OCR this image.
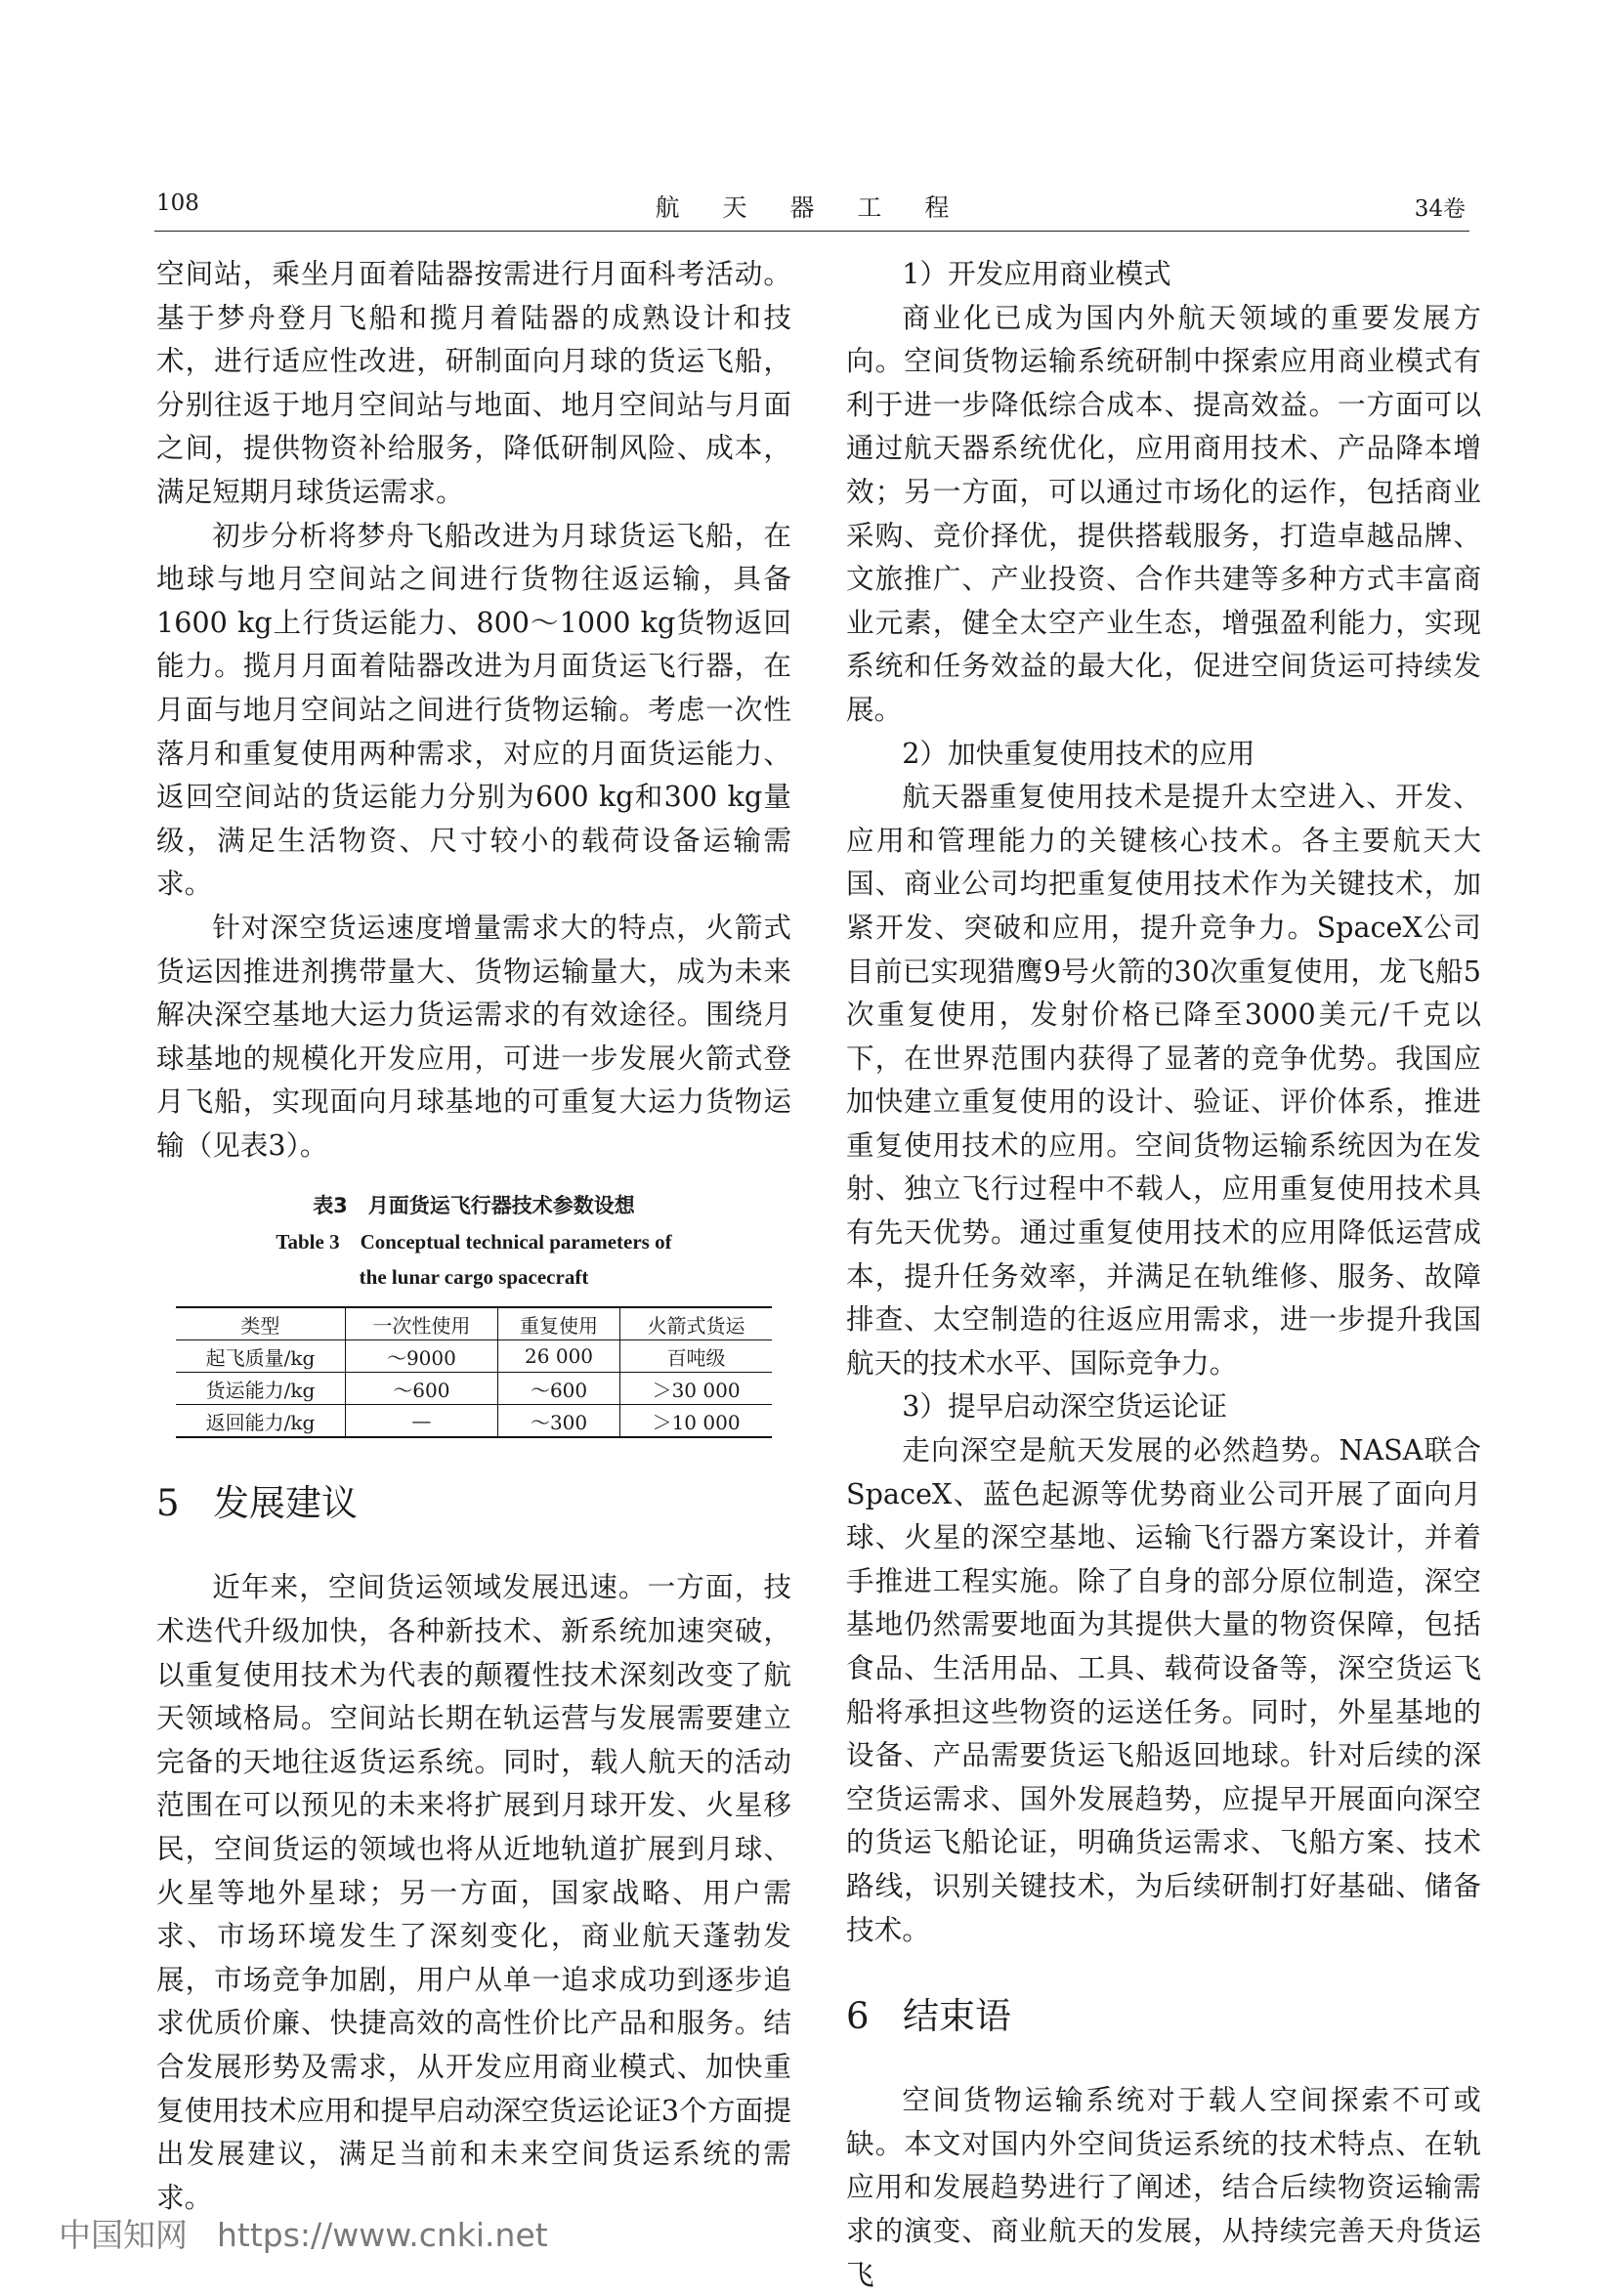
108	航 天 器 工 程	34卷

空间站，乘坐月面着陆器按需进行月面科考活动。基于梦舟登月飞船和揽月着陆器的成熟设计和技术，进行适应性改进，研制面向月球的货运飞船，分别往返于地月空间站与地面、地月空间站与月面之间，提供物资补给服务，降低研制风险、成本，满足短期月球货运需求。

初步分析将梦舟飞船改进为月球货运飞船，在地球与地月空间站之间进行货物往返运输，具备1600 kg上行货运能力、800～1000 kg货物返回能力。揽月月面着陆器改进为月面货运飞行器，在月面与地月空间站之间进行货物运输。考虑一次性落月和重复使用两种需求，对应的月面货运能力、返回空间站的货运能力分别为600 kg和300 kg量级，满足生活物资、尺寸较小的载荷设备运输需求。

针对深空货运速度增量需求大的特点，火箭式货运因推进剂携带量大、货物运输量大，成为未来解决深空基地大运力货运需求的有效途径。围绕月球基地的规模化开发应用，可进一步发展火箭式登月飞船，实现面向月球基地的可重复大运力货物运输（见表3）。

表3　月面货运飞行器技术参数设想

Table 3　Conceptual technical parameters of

the lunar cargo spacecraft

类型	一次性使用	重复使用	火箭式货运
起飞质量/kg	～9000	26 000	百吨级
货运能力/kg	～600	～600	＞30 000
返回能力/kg	—	～300	＞10 000
5 发展建议

近年来，空间货运领域发展迅速。一方面，技术迭代升级加快，各种新技术、新系统加速突破，以重复使用技术为代表的颠覆性技术深刻改变了航天领域格局。空间站长期在轨运营与发展需要建立完备的天地往返货运系统。同时，载人航天的活动范围在可以预见的未来将扩展到月球开发、火星移民，空间货运的领域也将从近地轨道扩展到月球、火星等地外星球；另一方面，国家战略、用户需求、市场环境发生了深刻变化，商业航天蓬勃发展，市场竞争加剧，用户从单一追求成功到逐步追求优质价廉、快捷高效的高性价比产品和服务。结合发展形势及需求，从开发应用商业模式、加快重复使用技术应用和提早启动深空货运论证3个方面提出发展建议，满足当前和未来空间货运系统的需求。

1）开发应用商业模式

商业化已成为国内外航天领域的重要发展方向。空间货物运输系统研制中探索应用商业模式有利于进一步降低综合成本、提高效益。一方面可以通过航天器系统优化，应用商用技术、产品降本增效；另一方面，可以通过市场化的运作，包括商业采购、竞价择优，提供搭载服务，打造卓越品牌、文旅推广、产业投资、合作共建等多种方式丰富商业元素，健全太空产业生态，增强盈利能力，实现系统和任务效益的最大化，促进空间货运可持续发展。

2）加快重复使用技术的应用

航天器重复使用技术是提升太空进入、开发、应用和管理能力的关键核心技术。各主要航天大国、商业公司均把重复使用技术作为关键技术，加紧开发、突破和应用，提升竞争力。SpaceX公司目前已实现猎鹰9号火箭的30次重复使用，龙飞船5次重复使用，发射价格已降至3000美元/千克以下，在世界范围内获得了显著的竞争优势。我国应加快建立重复使用的设计、验证、评价体系，推进重复使用技术的应用。空间货物运输系统因为在发射、独立飞行过程中不载人，应用重复使用技术具有先天优势。通过重复使用技术的应用降低运营成本，提升任务效率，并满足在轨维修、服务、故障排查、太空制造的往返应用需求，进一步提升我国航天的技术水平、国际竞争力。

3）提早启动深空货运论证

走向深空是航天发展的必然趋势。NASA联合SpaceX、蓝色起源等优势商业公司开展了面向月球、火星的深空基地、运输飞行器方案设计，并着手推进工程实施。除了自身的部分原位制造，深空基地仍然需要地面为其提供大量的物资保障，包括食品、生活用品、工具、载荷设备等，深空货运飞船将承担这些物资的运送任务。同时，外星基地的设备、产品需要货运飞船返回地球。针对后续的深空货运需求、国外发展趋势，应提早开展面向深空的货运飞船论证，明确货运需求、飞船方案、技术路线，识别关键技术，为后续研制打好基础、储备技术。

6 结束语

空间货物运输系统对于载人空间探索不可或缺。本文对国内外空间货运系统的技术特点、在轨应用和发展趋势进行了阐述，结合后续物资运输需求的演变、商业航天的发展，从持续完善天舟货运飞

中国知网 https://www.cnki.net
